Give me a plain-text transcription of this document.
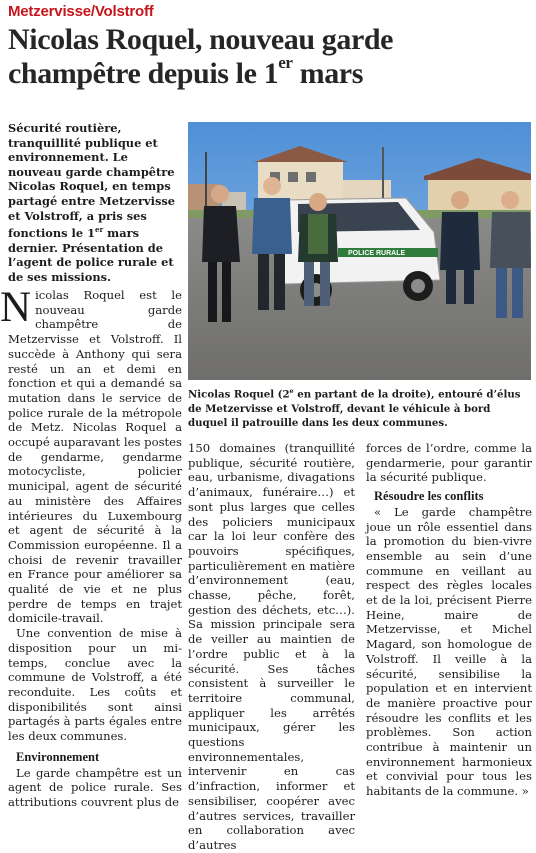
Metzervisse/Volstroff
Nicolas Roquel, nouveau garde champêtre depuis le 1er mars
Sécurité routière, tranquillité publique et environnement. Le nouveau garde champêtre Nicolas Roquel, en temps partagé entre Metzervisse et Volstroff, a pris ses fonctions le 1er mars dernier. Présentation de l’agent de police rurale et de ses missions.
POLICE RURALE
Nicolas Roquel (2e en partant de la droite), entouré d’élus de Metzervisse et Volstroff, devant le véhicule à bord duquel il patrouille dans les deux communes.

Nicolas Roquel est le nouveau garde champêtre de Metzervisse et Volstroff. Il succède à Anthony qui sera resté un an et demi en fonction et qui a demandé sa mutation dans le service de police rurale de la métropole de Metz. Nicolas Roquel a occupé auparavant les postes de gendarme, gendarme motocycliste, policier municipal, agent de sécurité au ministère des Affaires intérieures du Luxembourg et agent de sécurité à la Commission européenne. Il a choisi de revenir travailler en France pour améliorer sa qualité de vie et ne plus perdre de temps en trajet domicile-travail.

Une convention de mise à disposition pour un mi-temps, conclue avec la commune de Volstroff, a été reconduite. Les coûts et disponibilités sont ainsi partagés à parts égales entre les deux communes.

Environnement

Le garde champêtre est un agent de police rurale. Ses attributions couvrent plus de

150 domaines (tranquillité publique, sécurité routière, eau, urbanisme, divagations d’animaux, funéraire…) et sont plus larges que celles des policiers municipaux car la loi leur confère des pouvoirs spécifiques, particulièrement en matière d’environnement (eau, chasse, pêche, forêt, gestion des déchets, etc…). Sa mission principale sera de veiller au maintien de l’ordre public et à la sécurité. Ses tâches consistent à surveiller le territoire communal, appliquer les arrêtés municipaux, gérer les questions environnementales, intervenir en cas d’infraction, informer et sensibiliser, coopérer avec d’autres services, travailler en collaboration avec d’autres

forces de l’ordre, comme la gendarmerie, pour garantir la sécurité publique.

Résoudre les conflits

« Le garde champêtre joue un rôle essentiel dans la promotion du bien-vivre ensemble au sein d’une commune en veillant au respect des règles locales et de la loi, précisent Pierre Heine, maire de Metzervisse, et Michel Magard, son homologue de Volstroff. Il veille à la sécurité, sensibilise la population et en intervient de manière proactive pour résoudre les conflits et les problèmes. Son action contribue à maintenir un environnement harmonieux et convivial pour tous les habitants de la commune. »
